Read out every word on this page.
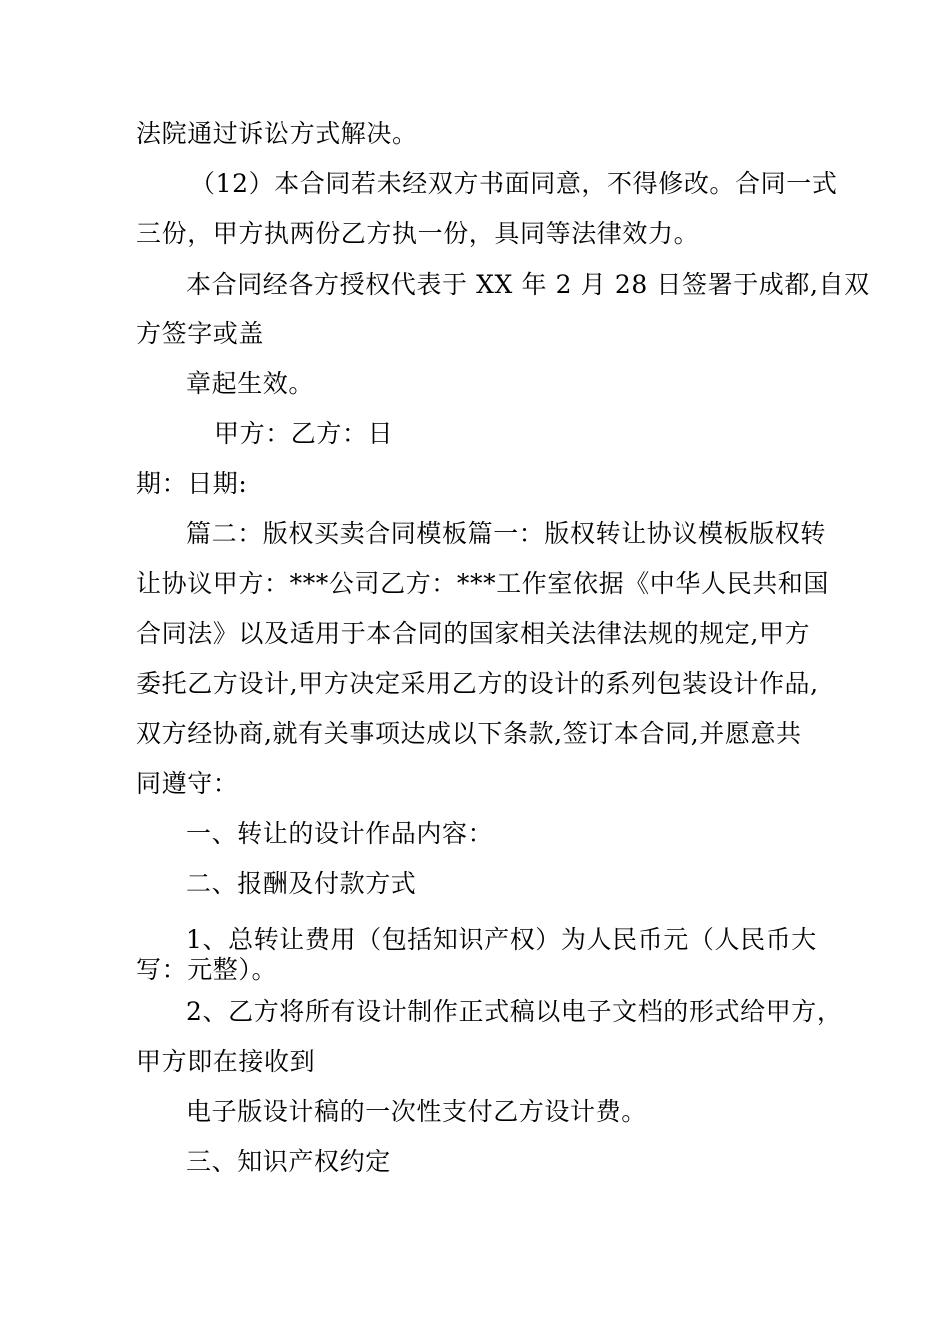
法院通过诉讼方式解决。
（12）本合同若未经双方书面同意，不得修改。合同一式
三份，甲方执两份乙方执一份，具同等法律效力。
本合同经各方授权代表于 XX 年 2 月 28 日签署于成都,自双
方签字或盖
章起生效。
甲方：乙方：日
期：日期:
篇二：版权买卖合同模板篇一：版权转让协议模板版权转
让协议甲方：***公司乙方：***工作室依据《中华人民共和国
合同法》以及适用于本合同的国家相关法律法规的规定,甲方
委托乙方设计,甲方决定采用乙方的设计的系列包装设计作品,
双方经协商,就有关事项达成以下条款,签订本合同,并愿意共
同遵守：
一、转让的设计作品内容：
二、报酬及付款方式
1、总转让费用（包括知识产权）为人民币元（人民币大
写：元整）。
2、乙方将所有设计制作正式稿以电子文档的形式给甲方，
甲方即在接收到
电子版设计稿的一次性支付乙方设计费。
三、知识产权约定
